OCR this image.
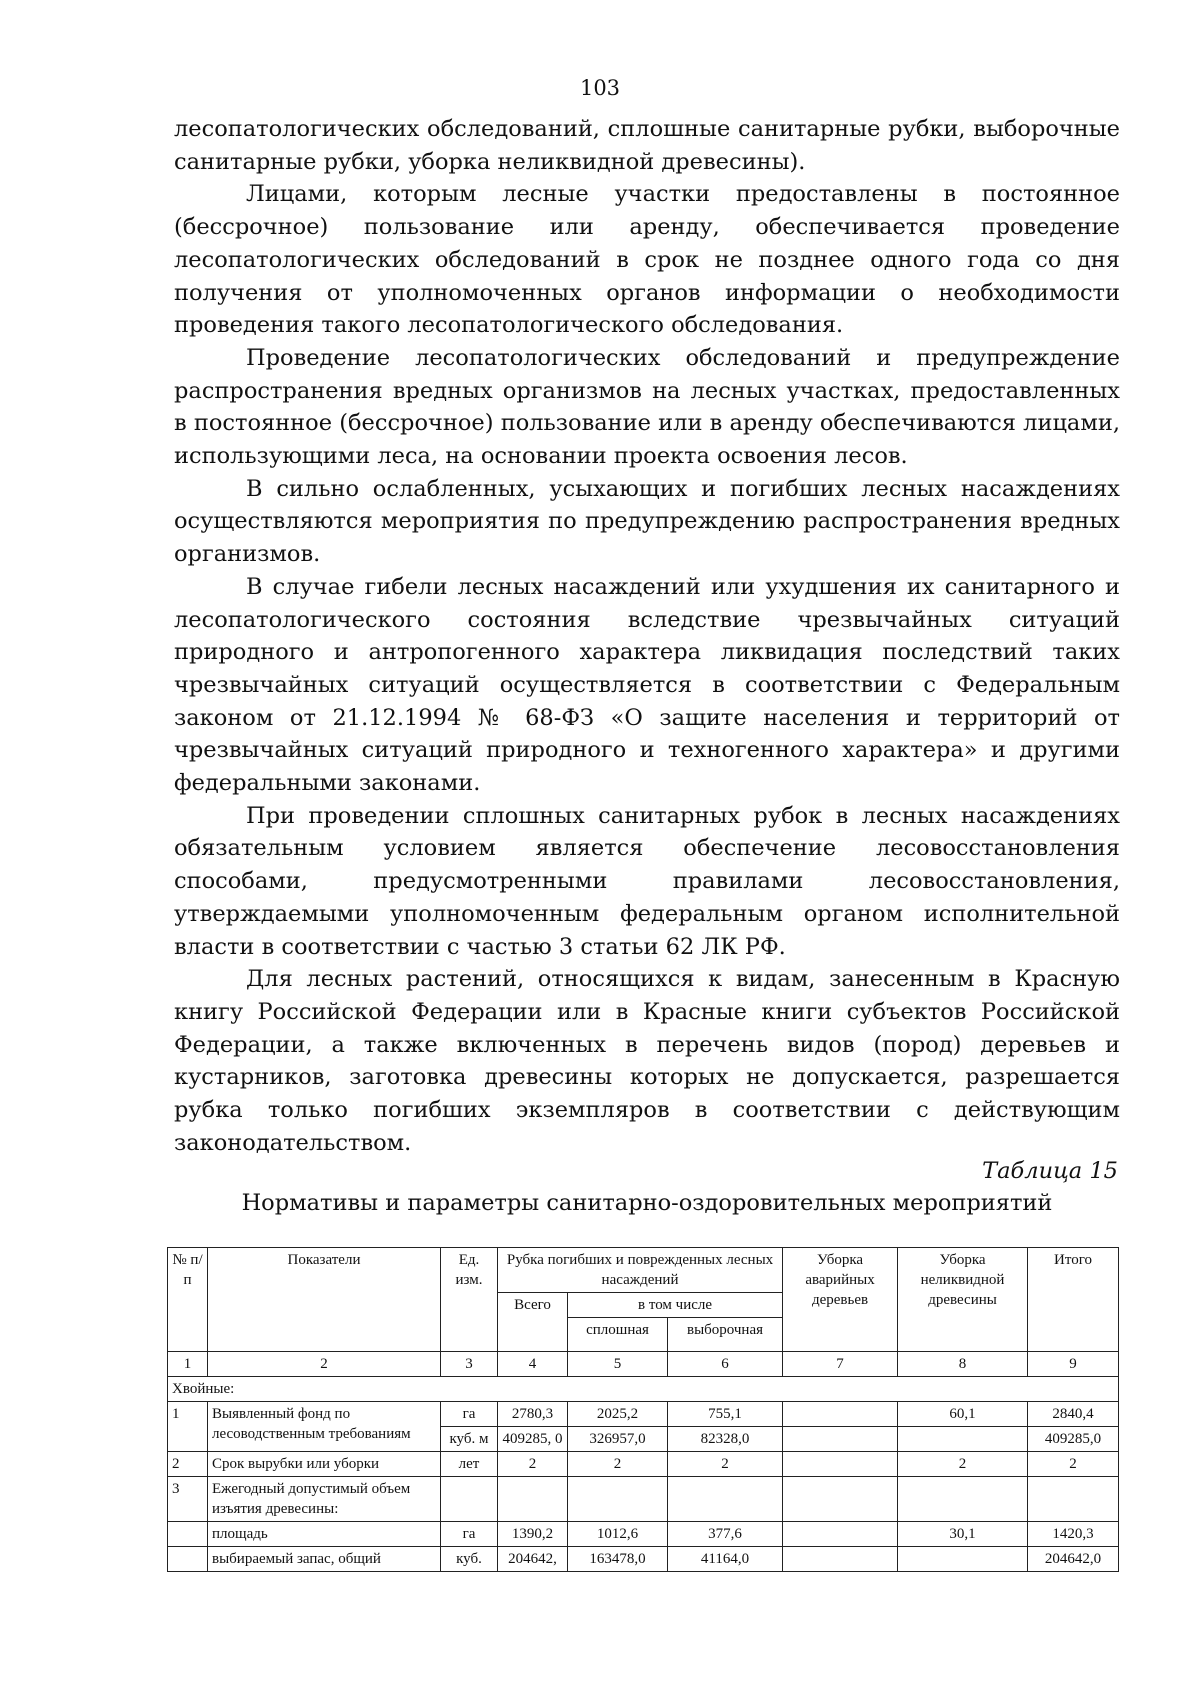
103

лесопатологических обследований, сплошные санитарные рубки, выборочные санитарные рубки, уборка неликвидной древесины).

Лицами, которым лесные участки предоставлены в постоянное (бессрочное) пользование или аренду, обеспечивается проведение лесопатологических обследований в срок не позднее одного года со дня получения от уполномоченных органов информации о необходимости проведения такого лесопатологического обследования.

Проведение лесопатологических обследований и предупреждение распространения вредных организмов на лесных участках, предоставленных в постоянное (бессрочное) пользование или в аренду обеспечиваются лицами, использующими леса, на основании проекта освоения лесов.

В сильно ослабленных, усыхающих и погибших лесных насаждениях осуществляются мероприятия по предупреждению распространения вредных организмов.

В случае гибели лесных насаждений или ухудшения их санитарного и лесопатологического состояния вследствие чрезвычайных ситуаций природного и антропогенного характера ликвидация последствий таких чрезвычайных ситуаций осуществляется в соответствии с Федеральным законом от 21.12.1994 № 68-ФЗ «О защите населения и территорий от чрезвычайных ситуаций природного и техногенного характера» и другими федеральными законами.

При проведении сплошных санитарных рубок в лесных насаждениях обязательным условием является обеспечение лесовосстановления способами, предусмотренными правилами лесовосстановления, утверждаемыми уполномоченным федеральным органом исполнительной власти в соответствии с частью 3 статьи 62 ЛК РФ.

Для лесных растений, относящихся к видам, занесенным в Красную книгу Российской Федерации или в Красные книги субъектов Российской Федерации, а также включенных в перечень видов (пород) деревьев и кустарников, заготовка древесины которых не допускается, разрешается рубка только погибших экземпляров в соответствии с действующим законодательством.

Таблица 15
Нормативы и параметры санитарно-оздоровительных мероприятий
№ п/п	Показатели	Ед. изм.	Рубка погибших и поврежденных лесных насаждений			Уборка аварийных деревьев	Уборка неликвидной древесины	Итого
			Всего	в том числе				
				сплошная	выборочная			
1	2	3	4	5	6	7	8	9
Хвойные:								
1	Выявленный фонд по лесоводственным требованиям	га	2780,3	2025,2	755,1		60,1	2840,4
		куб. м	409285, 0	326957,0	82328,0			409285,0
2	Срок вырубки или уборки	лет	2	2	2		2	2
3	Ежегодный допустимый объем изъятия древесины:							
	площадь	га	1390,2	1012,6	377,6		30,1	1420,3
	выбираемый запас, общий	куб.	204642,	163478,0	41164,0			204642,0
